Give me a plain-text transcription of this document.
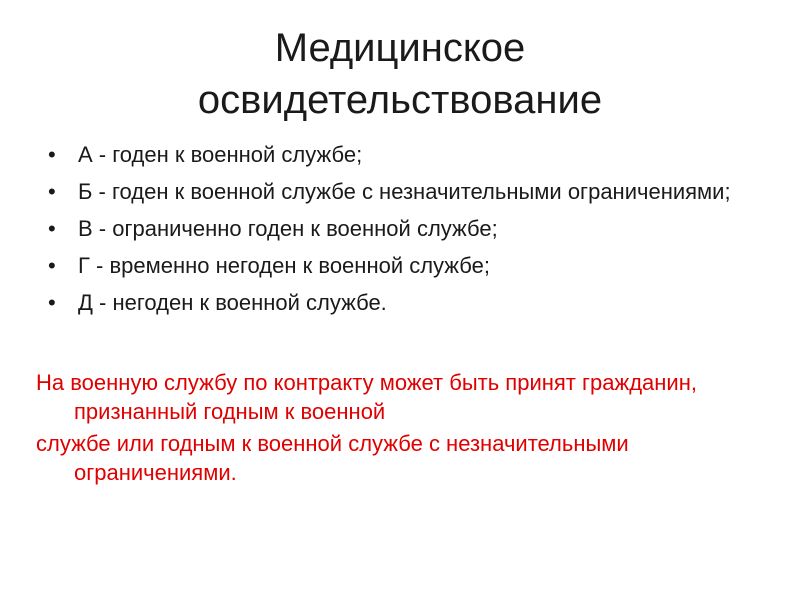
Медицинское
освидетельствование
•	А - годен к военной службе;
•	Б - годен к военной службе с незначительными ограничениями;
•	В - ограниченно годен к военной службе;
•	Г - временно негоден к военной службе;
•	Д - негоден к военной службе.

На военную службу по контракту может быть принят гражданин, признанный годным к военной

службе или годным к военной службе с незначительными ограничениями.
